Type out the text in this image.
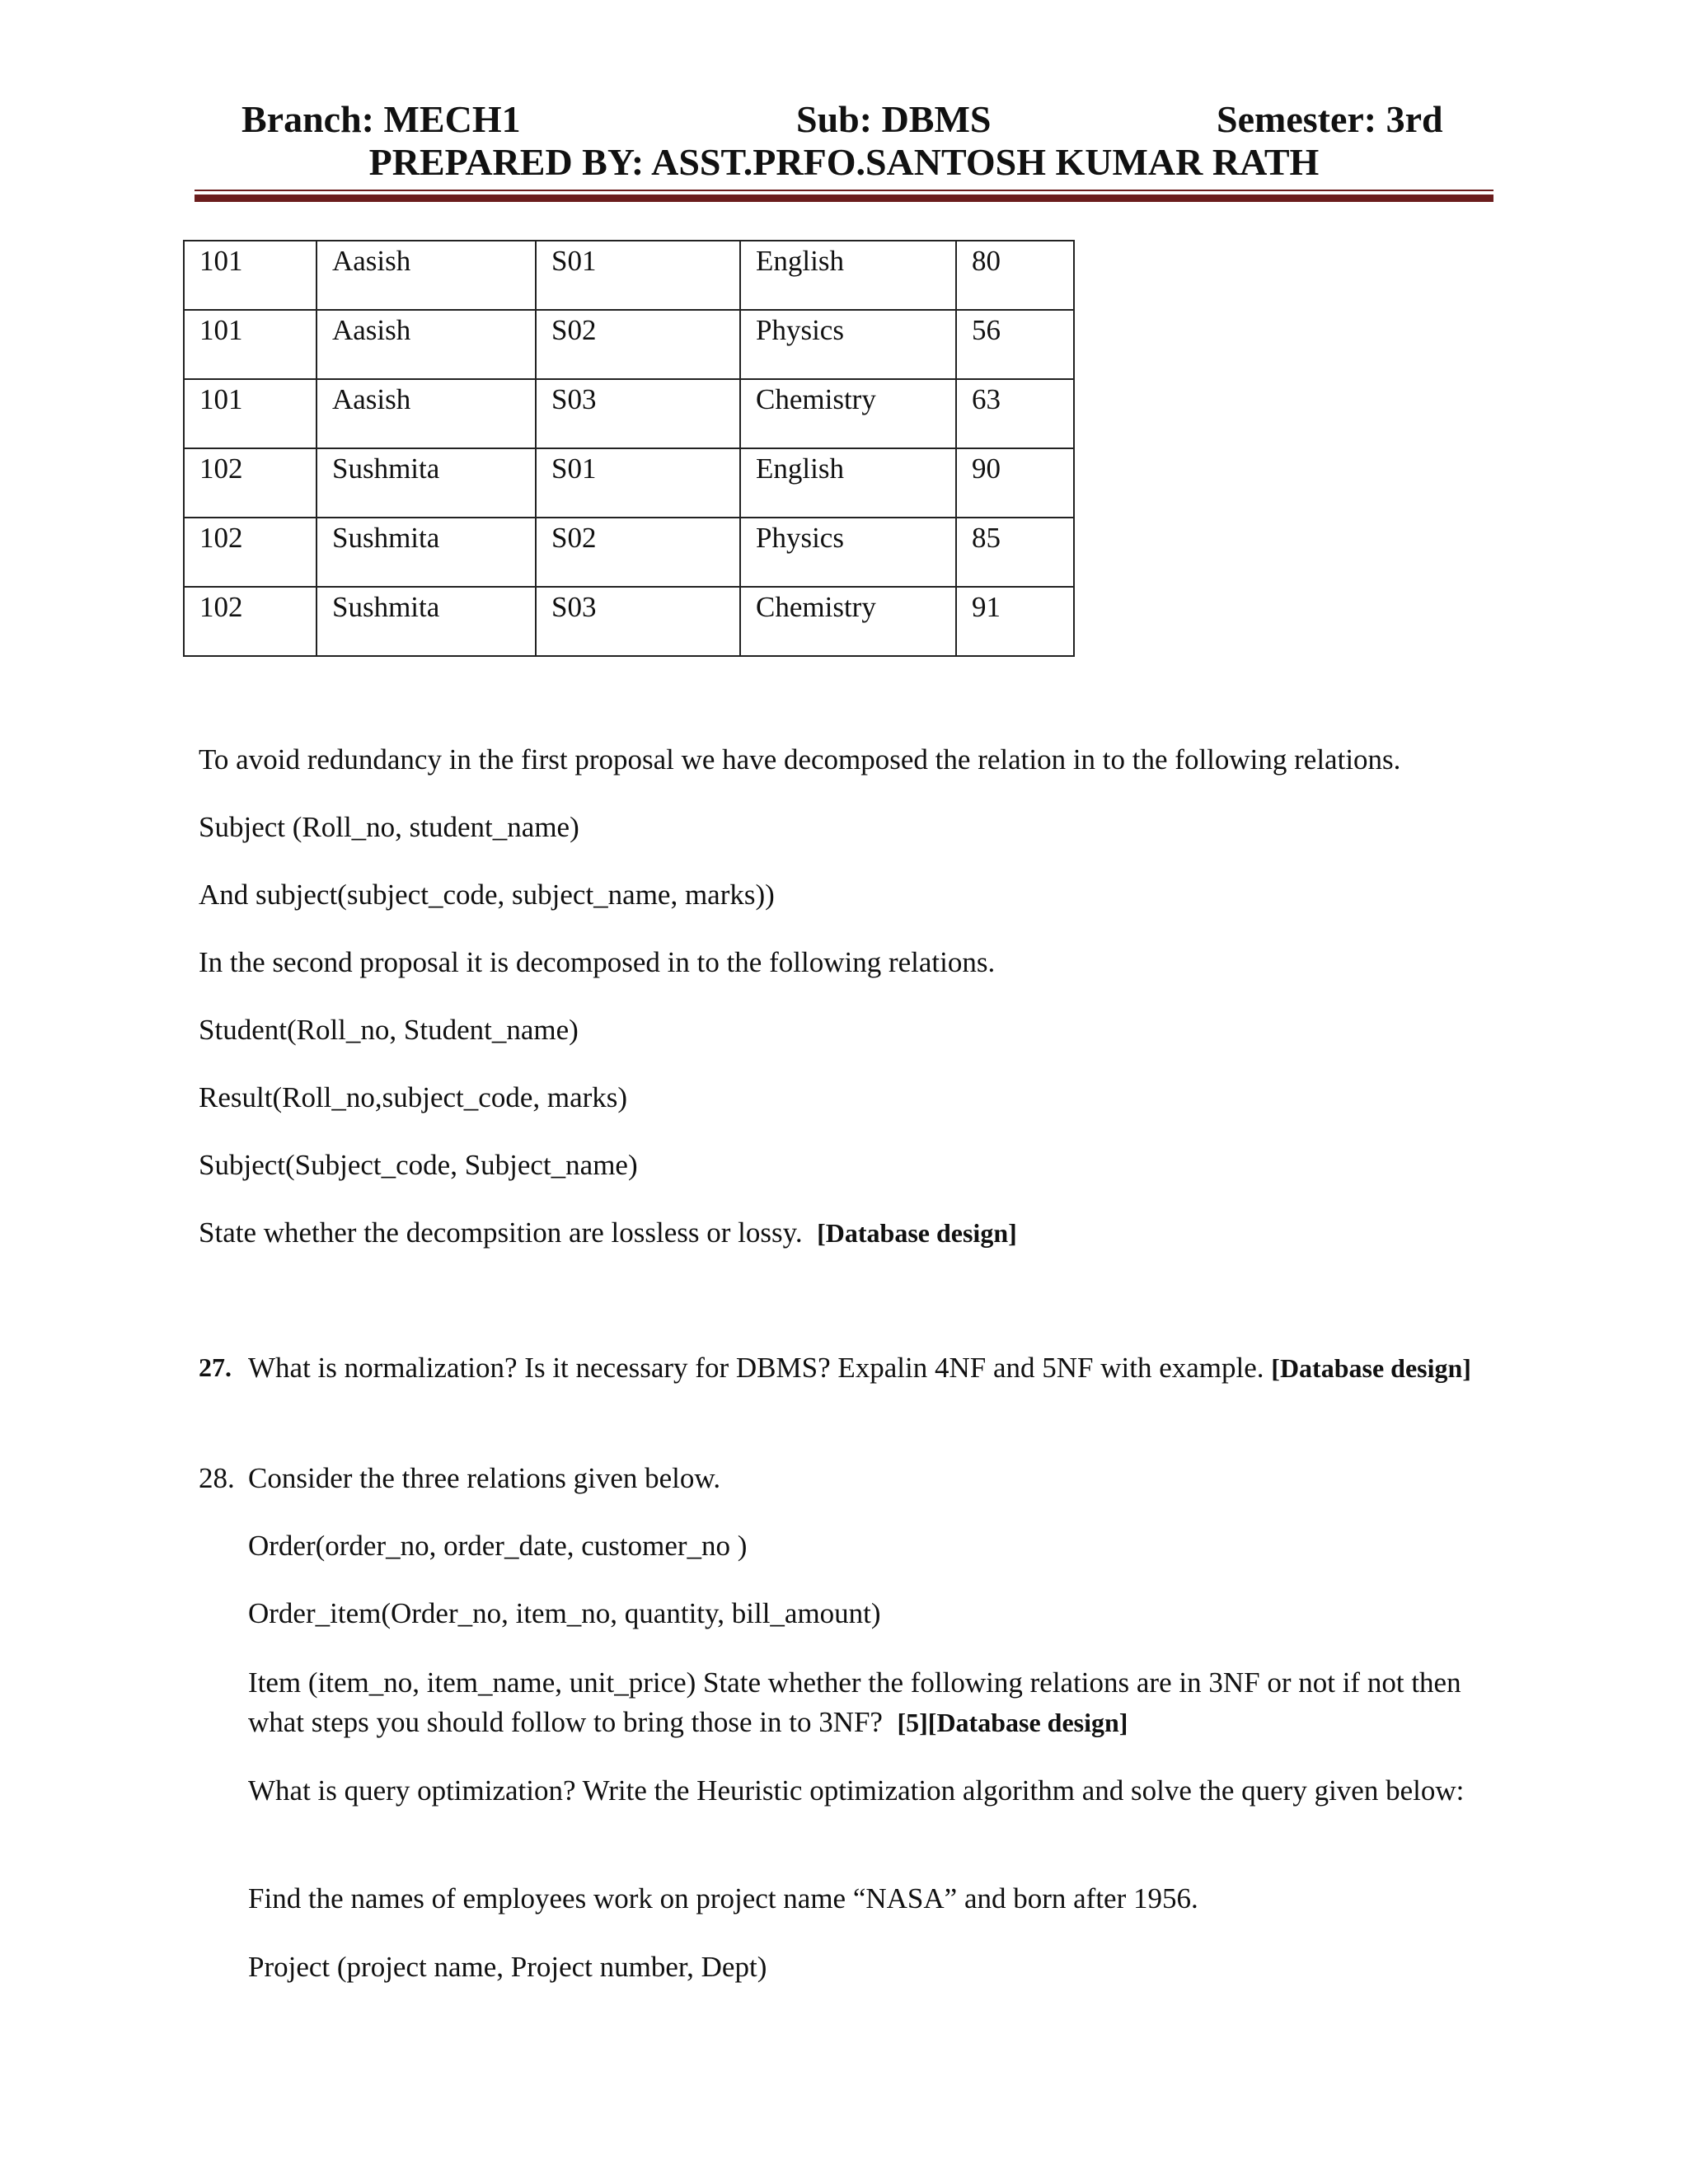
Branch: MECH1	Sub: DBMS	Semester: 3rd
PREPARED BY: ASST.PRFO.SANTOSH KUMAR RATH
101	Aasish	S01	English	80
101	Aasish	S02	Physics	56
101	Aasish	S03	Chemistry	63
102	Sushmita	S01	English	90
102	Sushmita	S02	Physics	85
102	Sushmita	S03	Chemistry	91
To avoid redundancy in the first proposal we have decomposed the relation in to the following relations.
Subject (Roll_no, student_name)
And subject(subject_code, subject_name, marks))
In the second proposal it is decomposed in to the following relations.
Student(Roll_no, Student_name)
Result(Roll_no,subject_code, marks)
Subject(Subject_code, Subject_name)
State whether the decompsition are lossless or lossy. [Database design]
27. What is normalization? Is it necessary for DBMS? Expalin 4NF and 5NF with example. [Database design]
28. Consider the three relations given below.
Order(order_no, order_date, customer_no )
Order_item(Order_no, item_no, quantity, bill_amount)
Item (item_no, item_name, unit_price) State whether the following relations are in 3NF or not if not then what steps you should follow to bring those in to 3NF? [5][Database design]
What is query optimization? Write the Heuristic optimization algorithm and solve the query given below:
Find the names of employees work on project name “NASA” and born after 1956.
Project (project name, Project number, Dept)
